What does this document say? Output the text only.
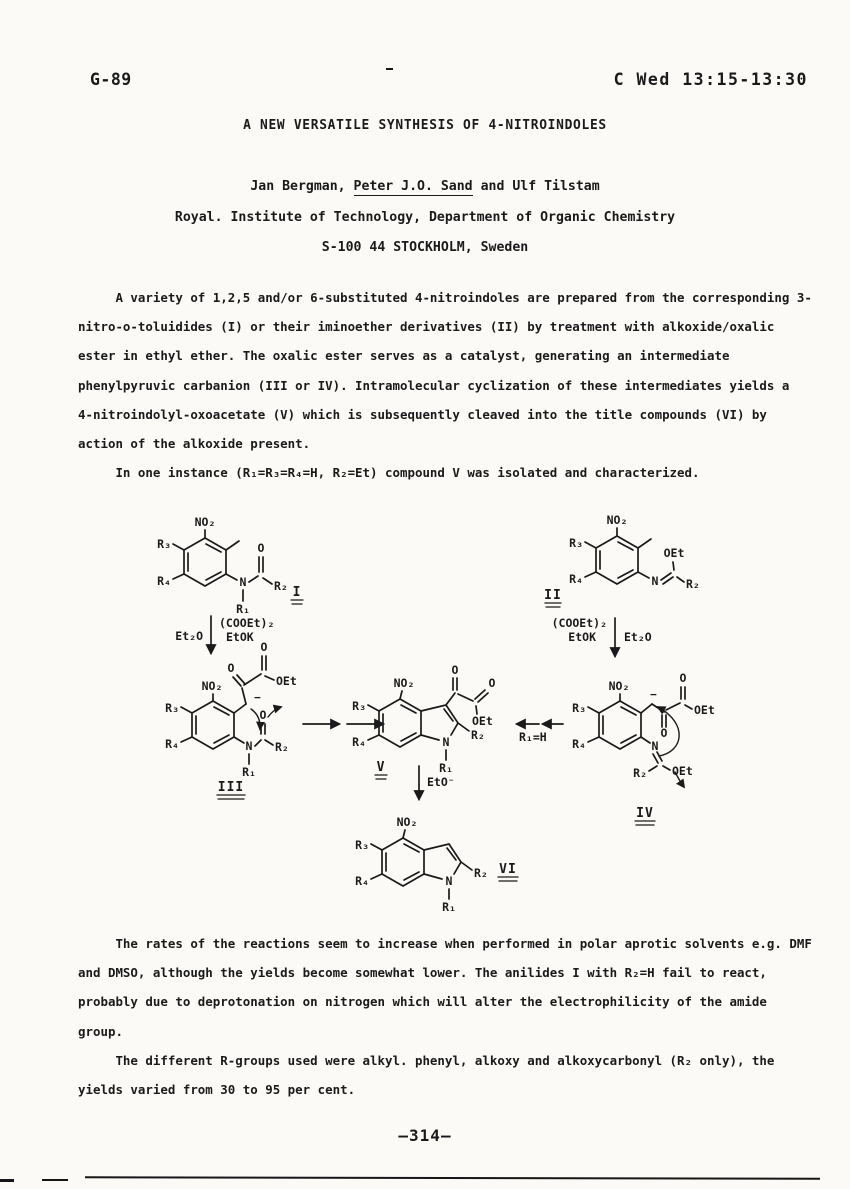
G-89	C Wed 13:15-13:30
A NEW VERSATILE SYNTHESIS OF 4-NITROINDOLES
Jan Bergman, Peter J.O. Sand and Ulf Tilstam
Royal. Institute of Technology, Department of Organic Chemistry
S-100 44 STOCKHOLM, Sweden
A variety of 1,2,5 and/or 6-substituted 4-nitroindoles are prepared from the corresponding 3-
nitro-o-toluidides (I) or their iminoether derivatives (II) by treatment with alkoxide/oxalic
ester in ethyl ether. The oxalic ester serves as a catalyst, generating an intermediate
phenylpyruvic carbanion (III or IV). Intramolecular cyclization of these intermediates yields a
4-nitroindolyl-oxoacetate (V) which is subsequently cleaved into the title compounds (VI) by
action of the alkoxide present.
In one instance (R₁=R₃=R₄=H, R₂=Et) compound V was isolated and characterized.
NO₂
R₃
R₄	N
R₁
O
R₂ I
Et₂O
(COOEt)₂
EtOK
NO₂
R₃
R₄	N
OEt
R₂
II
(COOEt)₂
EtOK Et₂O
NO₂
R₃
R₄
−
O
O
OEt
N
R₁
O
R₂
III
N
R₁
R₂
NO₂
R₃
R₄
O
O
OEt
V
EtO⁻
R₁=H
NO₂
R₃
R₄
−
O
O
OEt
N
R₂ OEt
IV
N
NO₂
R₃
R₄
R₁
R₂ VI
The rates of the reactions seem to increase when performed in polar aprotic solvents e.g. DMF
and DMSO, although the yields become somewhat lower. The anilides I with R₂=H fail to react,
probably due to deprotonation on nitrogen which will alter the electrophilicity of the amide
group.
The different R-groups used were alkyl. phenyl, alkoxy and alkoxycarbonyl (R₂ only), the
yields varied from 30 to 95 per cent.
—314—
